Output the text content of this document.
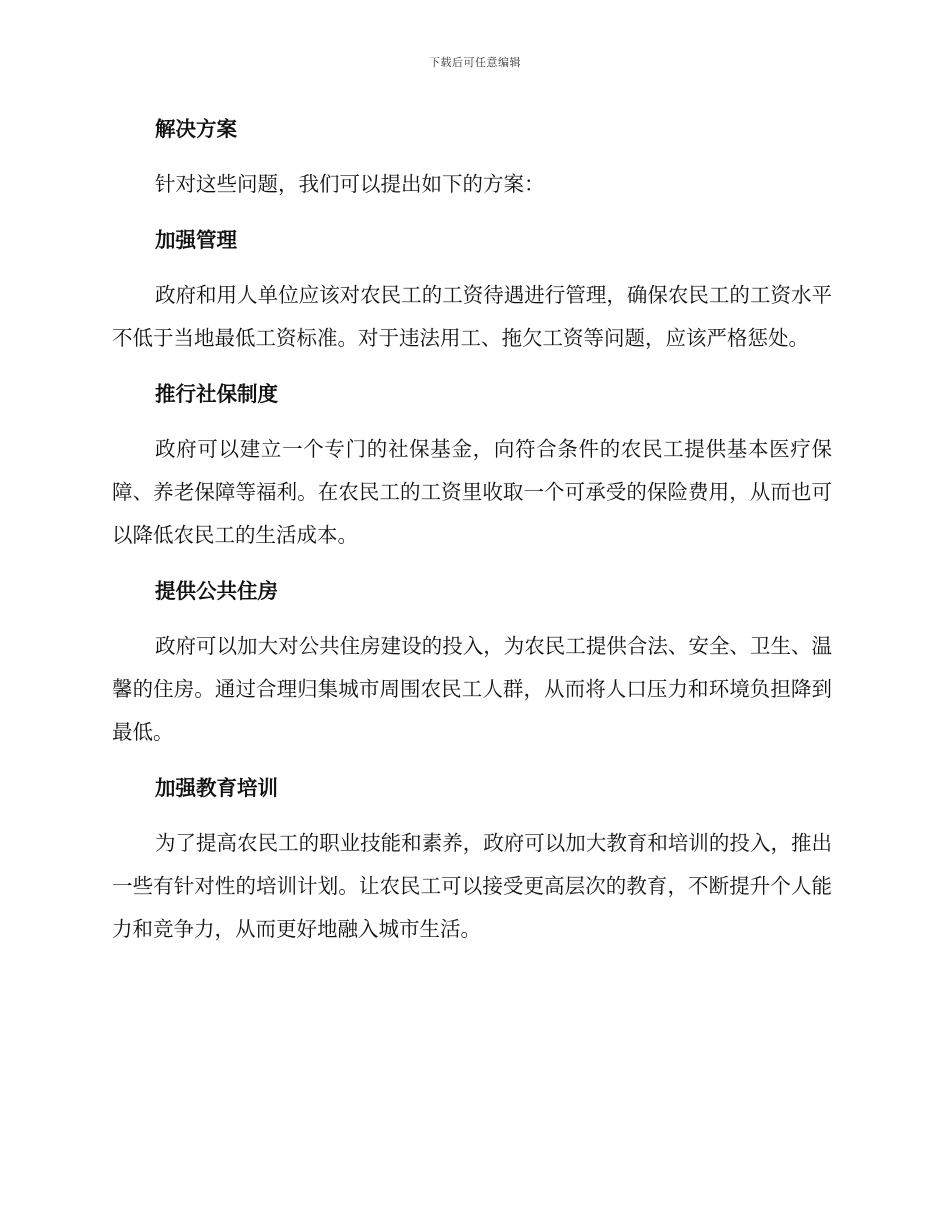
下载后可任意编辑
解决方案
针对这些问题，我们可以提出如下的方案：
加强管理
政府和用人单位应该对农民工的工资待遇进行管理，确保农民工的工资水平不低于当地最低工资标准。对于违法用工、拖欠工资等问题，应该严格惩处。
推行社保制度
政府可以建立一个专门的社保基金，向符合条件的农民工提供基本医疗保障、养老保障等福利。在农民工的工资里收取一个可承受的保险费用，从而也可以降低农民工的生活成本。
提供公共住房
政府可以加大对公共住房建设的投入，为农民工提供合法、安全、卫生、温馨的住房。通过合理归集城市周围农民工人群，从而将人口压力和环境负担降到最低。
加强教育培训
为了提高农民工的职业技能和素养，政府可以加大教育和培训的投入，推出一些有针对性的培训计划。让农民工可以接受更高层次的教育，不断提升个人能力和竞争力，从而更好地融入城市生活。
